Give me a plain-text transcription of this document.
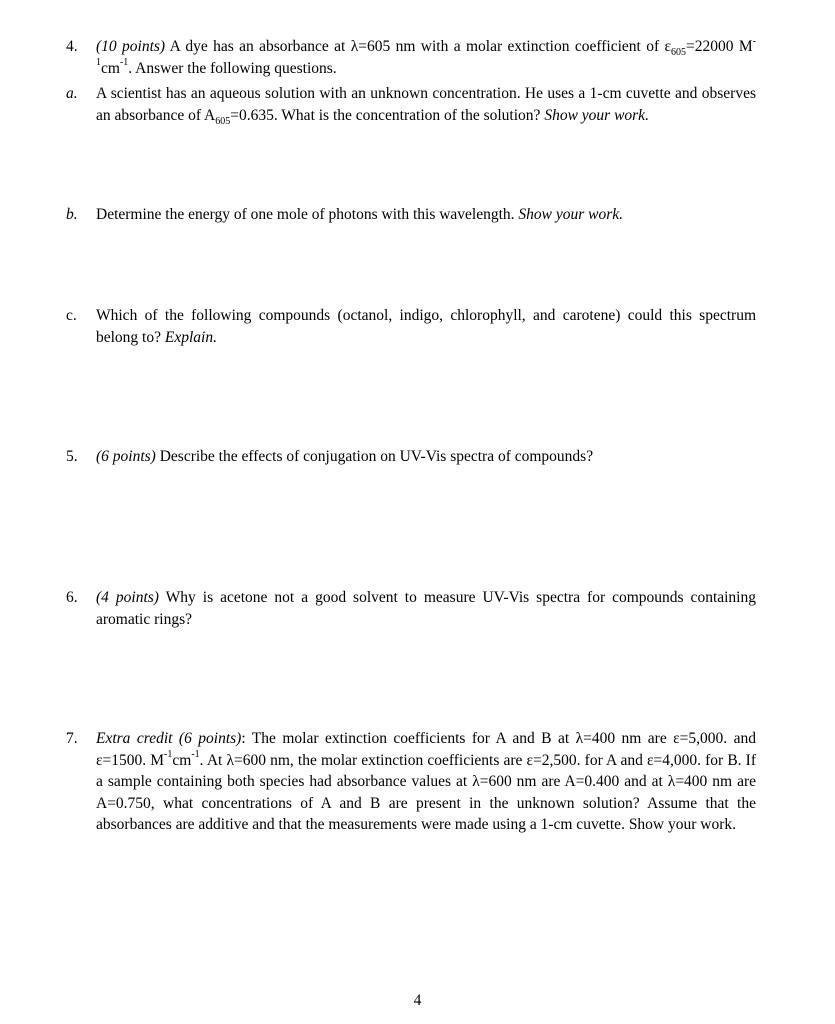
4.	(10 points) A dye has an absorbance at λ=605 nm with a molar extinction coefficient of $\varepsilon_{605}=22000$ $M^{-1}cm^{-1}$. Answer the following questions.

a.	A scientist has an aqueous solution with an unknown concentration. He uses a 1-cm cuvette and observes an absorbance of $A_{605}=0.635$. What is the concentration of the solution? Show your work.

b.	Determine the energy of one mole of photons with this wavelength. Show your work.

c.	Which of the following compounds (octanol, indigo, chlorophyll, and carotene) could this spectrum belong to? Explain.

5.	(6 points) Describe the effects of conjugation on UV-Vis spectra of compounds?

6.	(4 points) Why is acetone not a good solvent to measure UV-Vis spectra for compounds containing aromatic rings?

7.	Extra credit (6 points): The molar extinction coefficients for A and B at λ=400 nm are ε=5,000. and ε=1500. $M^{-1}cm^{-1}$. At λ=600 nm, the molar extinction coefficients are ε=2,500. for A and ε=4,000. for B. If a sample containing both species had absorbance values at λ=600 nm are A=0.400 and at λ=400 nm are A=0.750, what concentrations of A and B are present in the unknown solution? Assume that the absorbances are additive and that the measurements were made using a 1-cm cuvette. Show your work.

4
